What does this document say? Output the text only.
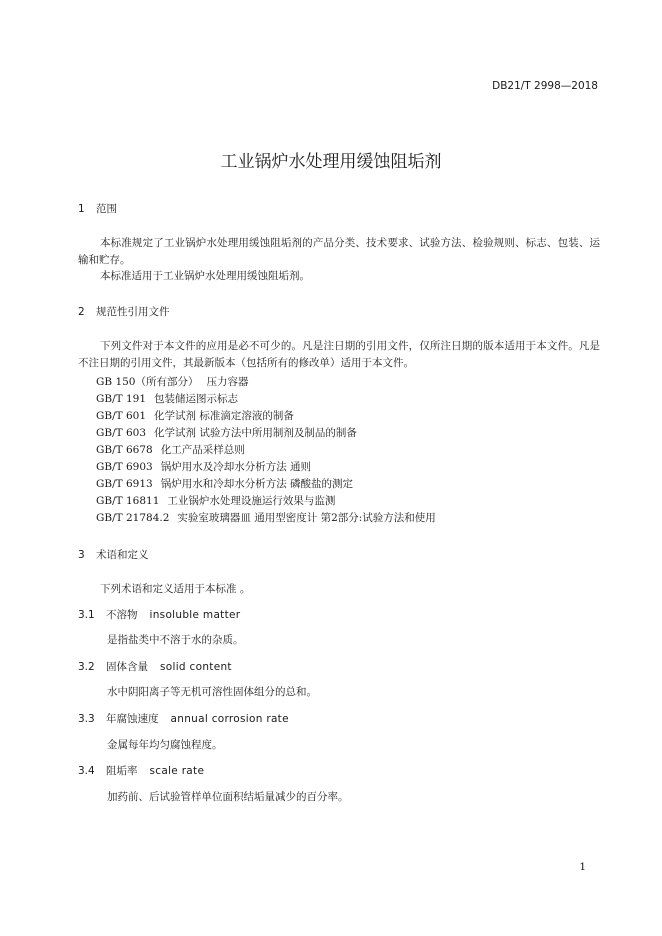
DB21/T 2998—2018
工业锅炉水处理用缓蚀阻垢剂
1 范围
本标准规定了工业锅炉水处理用缓蚀阻垢剂的产品分类、技术要求、试验方法、检验规则、标志、包装、运输和贮存。
本标准适用于工业锅炉水处理用缓蚀阻垢剂。
2 规范性引用文件
下列文件对于本文件的应用是必不可少的。凡是注日期的引用文件，仅所注日期的版本适用于本文件。凡是不注日期的引用文件，其最新版本（包括所有的修改单）适用于本文件。
GB 150（所有部分） 压力容器
GB/T 191 包装储运图示标志
GB/T 601 化学试剂 标准滴定溶液的制备
GB/T 603 化学试剂 试验方法中所用制剂及制品的制备
GB/T 6678 化工产品采样总则
GB/T 6903 锅炉用水及冷却水分析方法 通则
GB/T 6913 锅炉用水和冷却水分析方法 磷酸盐的测定
GB/T 16811 工业锅炉水处理设施运行效果与监测
GB/T 21784.2 实验室玻璃器皿 通用型密度计 第2部分:试验方法和使用
3 术语和定义
下列术语和定义适用于本标准 。
3.1 不溶物 insoluble matter
是指盐类中不溶于水的杂质。
3.2 固体含量 solid content
水中阴阳离子等无机可溶性固体组分的总和。
3.3 年腐蚀速度 annual corrosion rate
金属每年均匀腐蚀程度。
3.4 阻垢率 scale rate
加药前、后试验管样单位面积结垢量减少的百分率。
1
